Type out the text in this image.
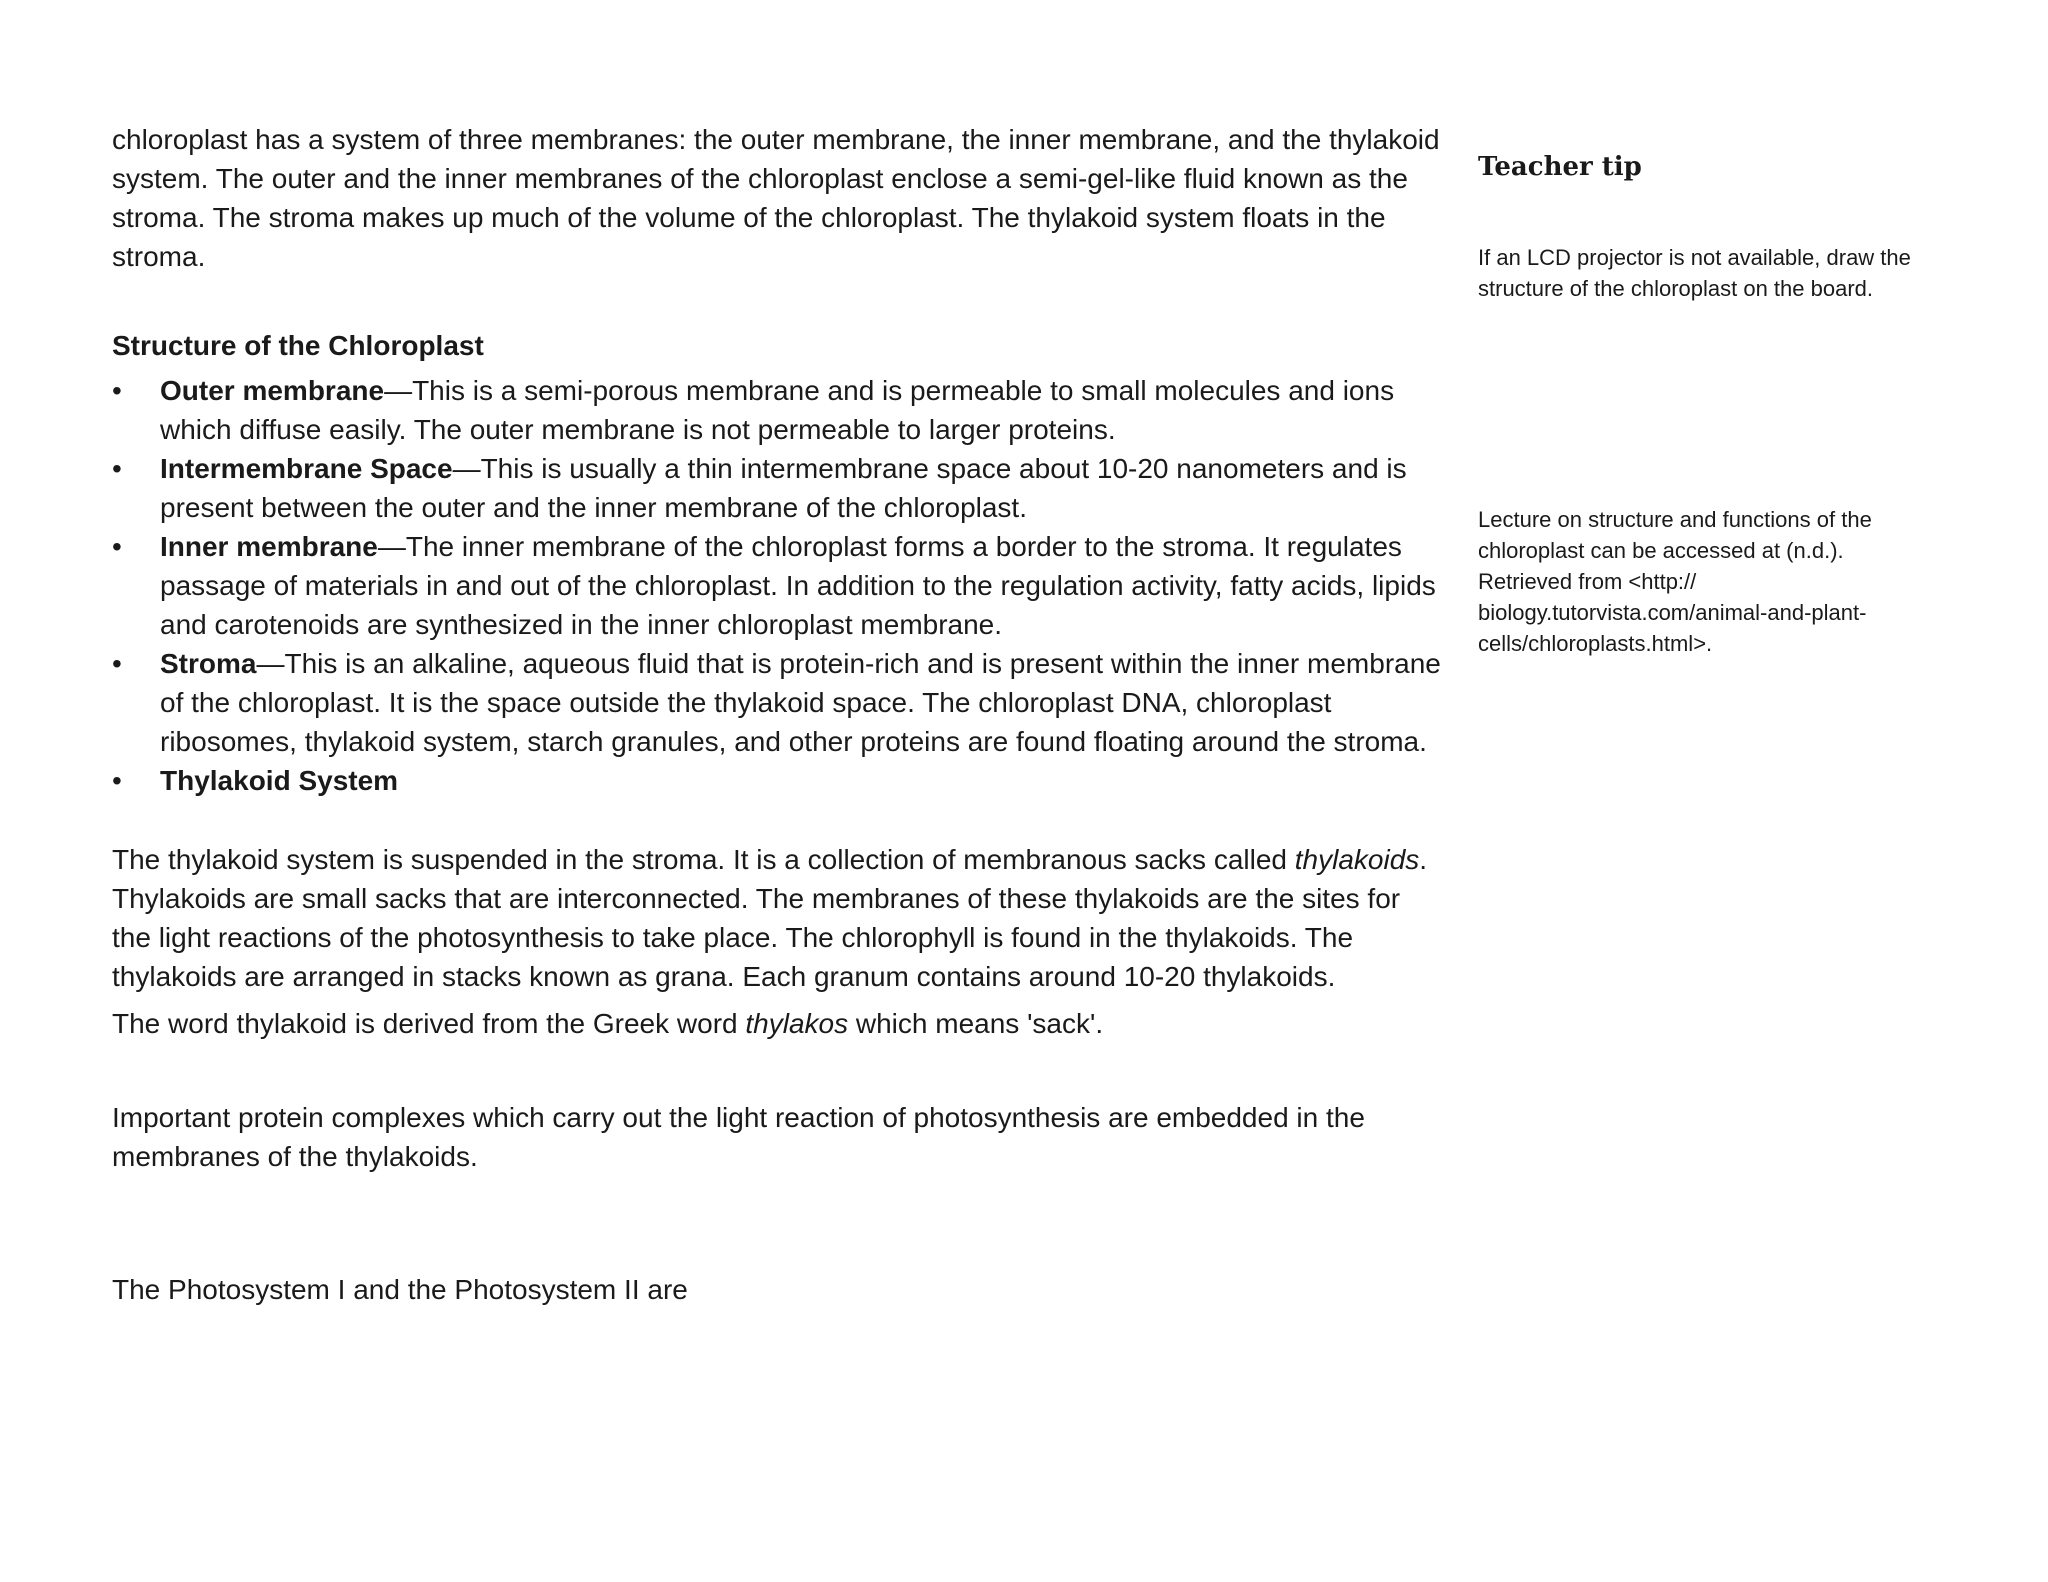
chloroplast has a system of three membranes: the outer membrane, the inner membrane, and the thylakoid system. The outer and the inner membranes of the chloroplast enclose a semi-gel-like fluid known as the stroma. The stroma makes up much of the volume of the chloroplast. The thylakoid system floats in the stroma.

Structure of the Chloroplast
•	Outer membrane—This is a semi-porous membrane and is permeable to small molecules and ions which diffuse easily. The outer membrane is not permeable to larger proteins.
•	Intermembrane Space—This is usually a thin intermembrane space about 10-20 nanometers and is present between the outer and the inner membrane of the chloroplast.
•	Inner membrane—The inner membrane of the chloroplast forms a border to the stroma. It regulates passage of materials in and out of the chloroplast. In addition to the regulation activity, fatty acids, lipids and carotenoids are synthesized in the inner chloroplast membrane.
•	Stroma—This is an alkaline, aqueous fluid that is protein-rich and is present within the inner membrane of the chloroplast. It is the space outside the thylakoid space. The chloroplast DNA, chloroplast ribosomes, thylakoid system, starch granules, and other proteins are found floating around the stroma.
•	Thylakoid System

The thylakoid system is suspended in the stroma. It is a collection of membranous sacks called thylakoids. Thylakoids are small sacks that are interconnected. The membranes of these thylakoids are the sites for the light reactions of the photosynthesis to take place. The chlorophyll is found in the thylakoids. The thylakoids are arranged in stacks known as grana. Each granum contains around 10-20 thylakoids.

The word thylakoid is derived from the Greek word thylakos which means 'sack'.

Important protein complexes which carry out the light reaction of photosynthesis are embedded in the membranes of the thylakoids.

The Photosystem I and the Photosystem II are

Teacher tip

If an LCD projector is not available, draw the structure of the chloroplast on the board.

Lecture on structure and functions of the chloroplast can be accessed at (n.d.). Retrieved from <http:// biology.tutorvista.com/animal-and-plant-cells/chloroplasts.html>.
